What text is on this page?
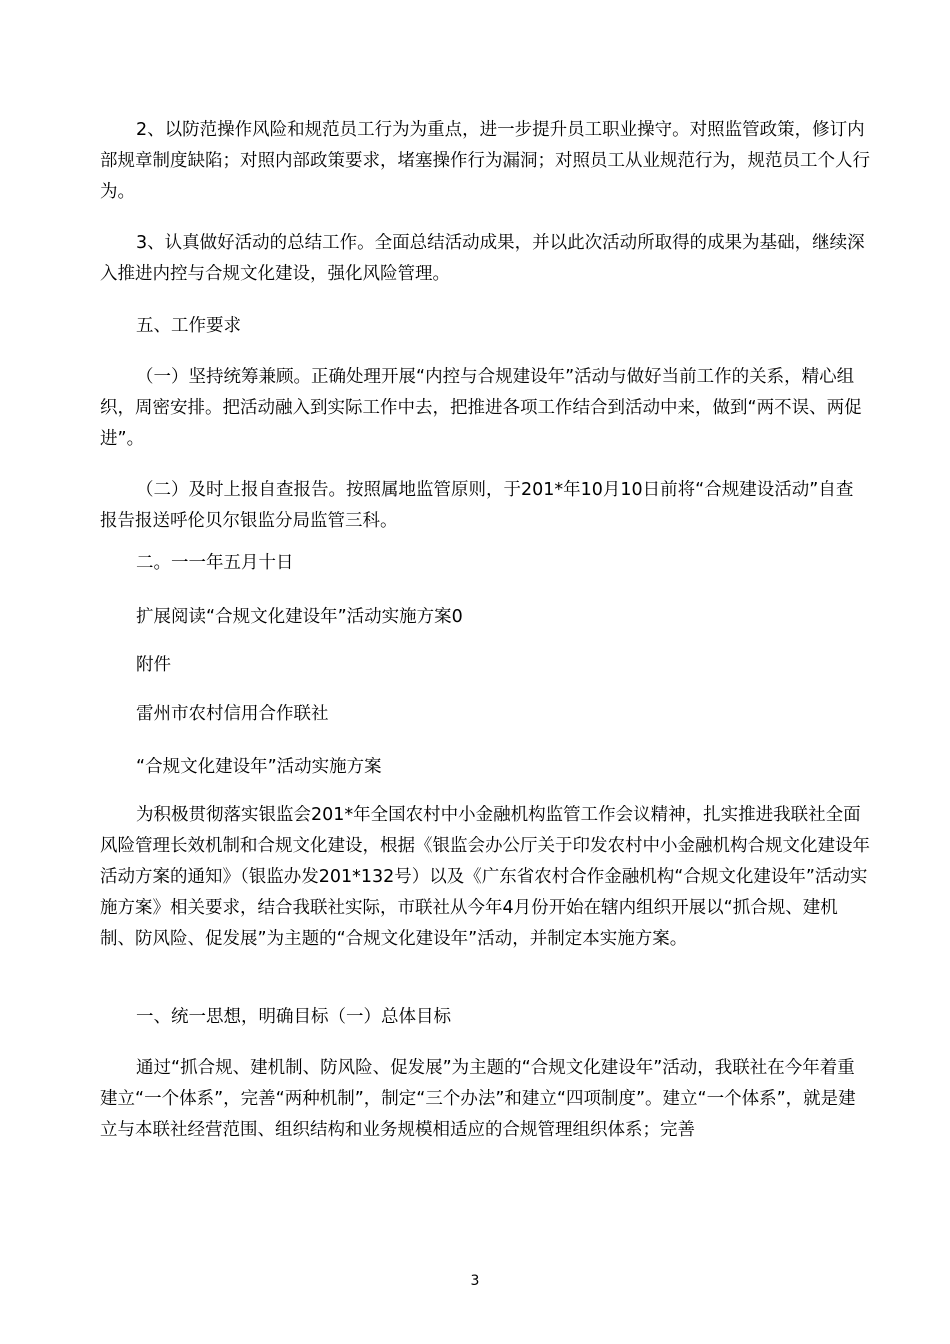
2、以防范操作风险和规范员工行为为重点，进一步提升员工职业操守。对照监管政策，修订内部规章制度缺陷；对照内部政策要求，堵塞操作行为漏洞；对照员工从业规范行为，规范员工个人行为。

3、认真做好活动的总结工作。全面总结活动成果，并以此次活动所取得的成果为基础，继续深入推进内控与合规文化建设，强化风险管理。

五、工作要求

（一）坚持统筹兼顾。正确处理开展“内控与合规建设年”活动与做好当前工作的关系，精心组织，周密安排。把活动融入到实际工作中去，把推进各项工作结合到活动中来，做到“两不误、两促进”。

（二）及时上报自查报告。按照属地监管原则，于201*年10月10日前将“合规建设活动”自查报告报送呼伦贝尔银监分局监管三科。

二。一一年五月十日

扩展阅读“合规文化建设年”活动实施方案0

附件

雷州市农村信用合作联社

“合规文化建设年”活动实施方案

为积极贯彻落实银监会201*年全国农村中小金融机构监管工作会议精神，扎实推进我联社全面风险管理长效机制和合规文化建设，根据《银监会办公厅关于印发农村中小金融机构合规文化建设年活动方案的通知》（银监办发201*132号）以及《广东省农村合作金融机构“合规文化建设年”活动实施方案》相关要求，结合我联社实际，市联社从今年4月份开始在辖内组织开展以“抓合规、建机制、防风险、促发展”为主题的“合规文化建设年”活动，并制定本实施方案。

一、统一思想，明确目标（一）总体目标

通过“抓合规、建机制、防风险、促发展”为主题的“合规文化建设年”活动，我联社在今年着重建立“一个体系”，完善“两种机制”，制定“三个办法”和建立“四项制度”。建立“一个体系”，就是建立与本联社经营范围、组织结构和业务规模相适应的合规管理组织体系；完善

3
